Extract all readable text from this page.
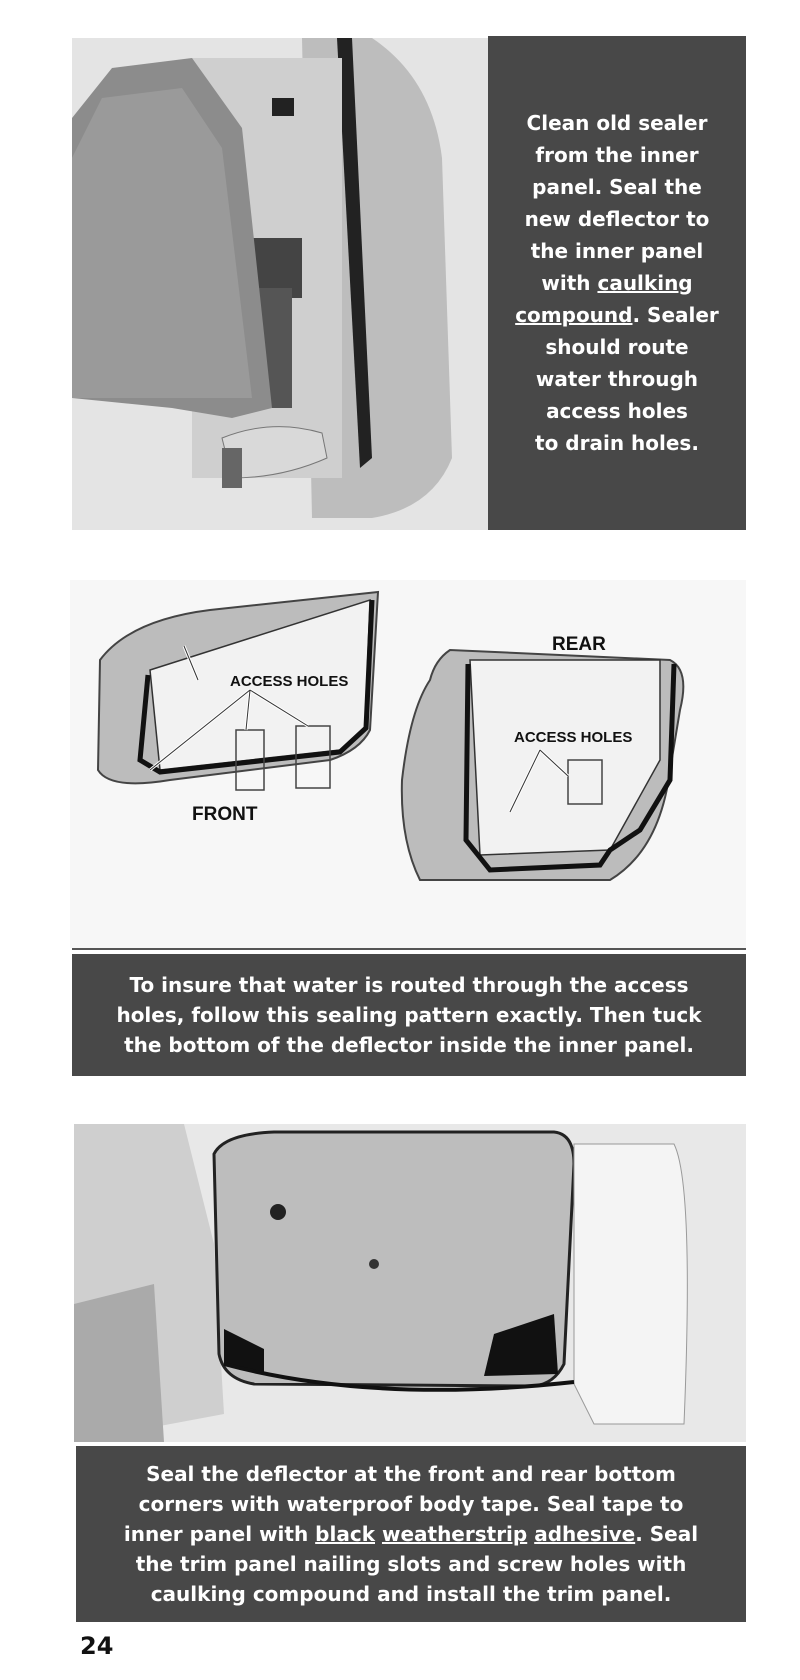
Clean old sealer
from the inner
panel. Seal the
new deflector to
the inner panel
with caulking
compound. Sealer
should route
water through
access holes
to drain holes.
ACCESS HOLES
FRONT
ACCESS HOLES
REAR
To insure that water is routed through the access holes, follow this sealing pattern exactly. Then tuck the bottom of the deflector inside the inner panel.
Seal the deflector at the front and rear bottom corners with waterproof body tape. Seal tape to inner panel with black weatherstrip adhesive. Seal the trim panel nailing slots and screw holes with caulking compound and install the trim panel.
24
